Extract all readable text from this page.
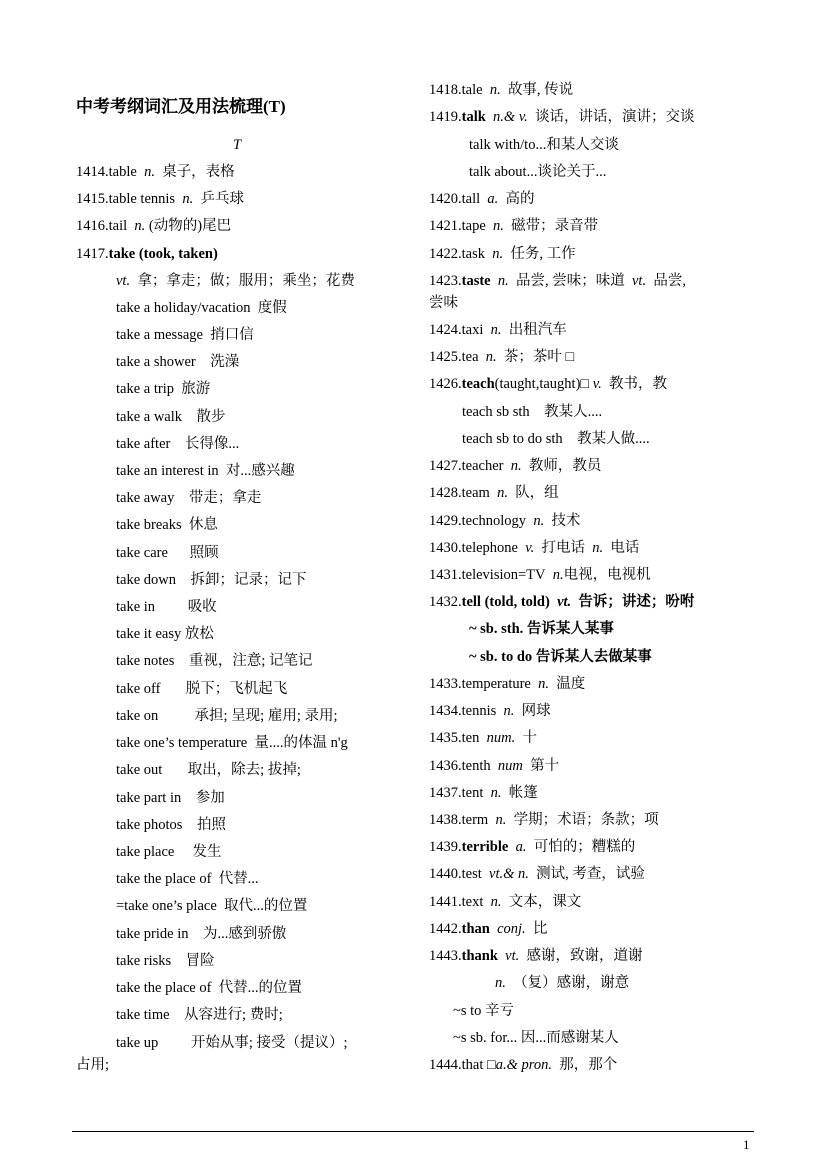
中考考纲词汇及用法梳理(T)
T
1414.table n. 桌子，表格
1415.table tennis n. 乒乓球
1416.tail n. (动物的)尾巴
1417.take (took, taken)
vt. 拿；拿走；做；服用；乘坐；花费
take a holiday/vacation 度假
take a message 捎口信
take a shower 洗澡
take a trip 旅游
take a walk 散步
take after 长得像...
take an interest in 对...感兴趣
take away 带走；拿走
take breaks 休息
take care 照顾
take down 拆卸；记录；记下
take in 吸收
take it easy 放松
take notes 重视，注意; 记笔记
take off 脱下；飞机起飞
take on	承担; 呈现; 雇用; 录用;
take one’s temperature 量....的体温 n'g
take out 取出，除去; 拔掉;
take part in 参加
take photos 拍照
take place 发生
take the place of 代替...
=take one’s place 取代...的位置
take pride in 为...感到骄傲
take risks 冒险
take the place of 代替...的位置
take time 从容进行; 费时;
take up 开始从事; 接受（提议）;
占用;
1418.tale n. 故事, 传说
1419.talk n.& v. 谈话，讲话，演讲；交谈
talk with/to...和某人交谈
talk about...谈论关于...
1420.tall a. 高的
1421.tape n. 磁带；录音带
1422.task n. 任务, 工作
1423.taste n. 品尝, 尝味；味道 vt. 品尝,
尝味
1424.taxi n. 出租汽车
1425.tea n. 茶；茶叶 □
1426.teach(taught,taught)□ v. 教书，教
teach sb sth　教某人....
teach sb to do sth　教某人做....
1427.teacher n. 教师，教员
1428.team n. 队，组
1429.technology n. 技术
1430.telephone v. 打电话 n. 电话
1431.television=TV n.电视，电视机
1432.tell (told, told) vt. 告诉；讲述；吩咐
~ sb. sth. 告诉某人某事
~ sb. to do 告诉某人去做某事
1433.temperature n. 温度
1434.tennis n. 网球
1435.ten num. 十
1436.tenth num 第十
1437.tent n. 帐篷
1438.term n. 学期；术语；条款；项
1439.terrible a. 可怕的；糟糕的
1440.test vt.& n. 测试, 考查，试验
1441.text n. 文本，课文
1442.than conj. 比
1443.thank vt. 感谢，致谢，道谢
n. （复）感谢，谢意
~s to 辛亏
~s sb. for... 因...而感谢某人
1444.that □a.& pron. 那，那个
1
